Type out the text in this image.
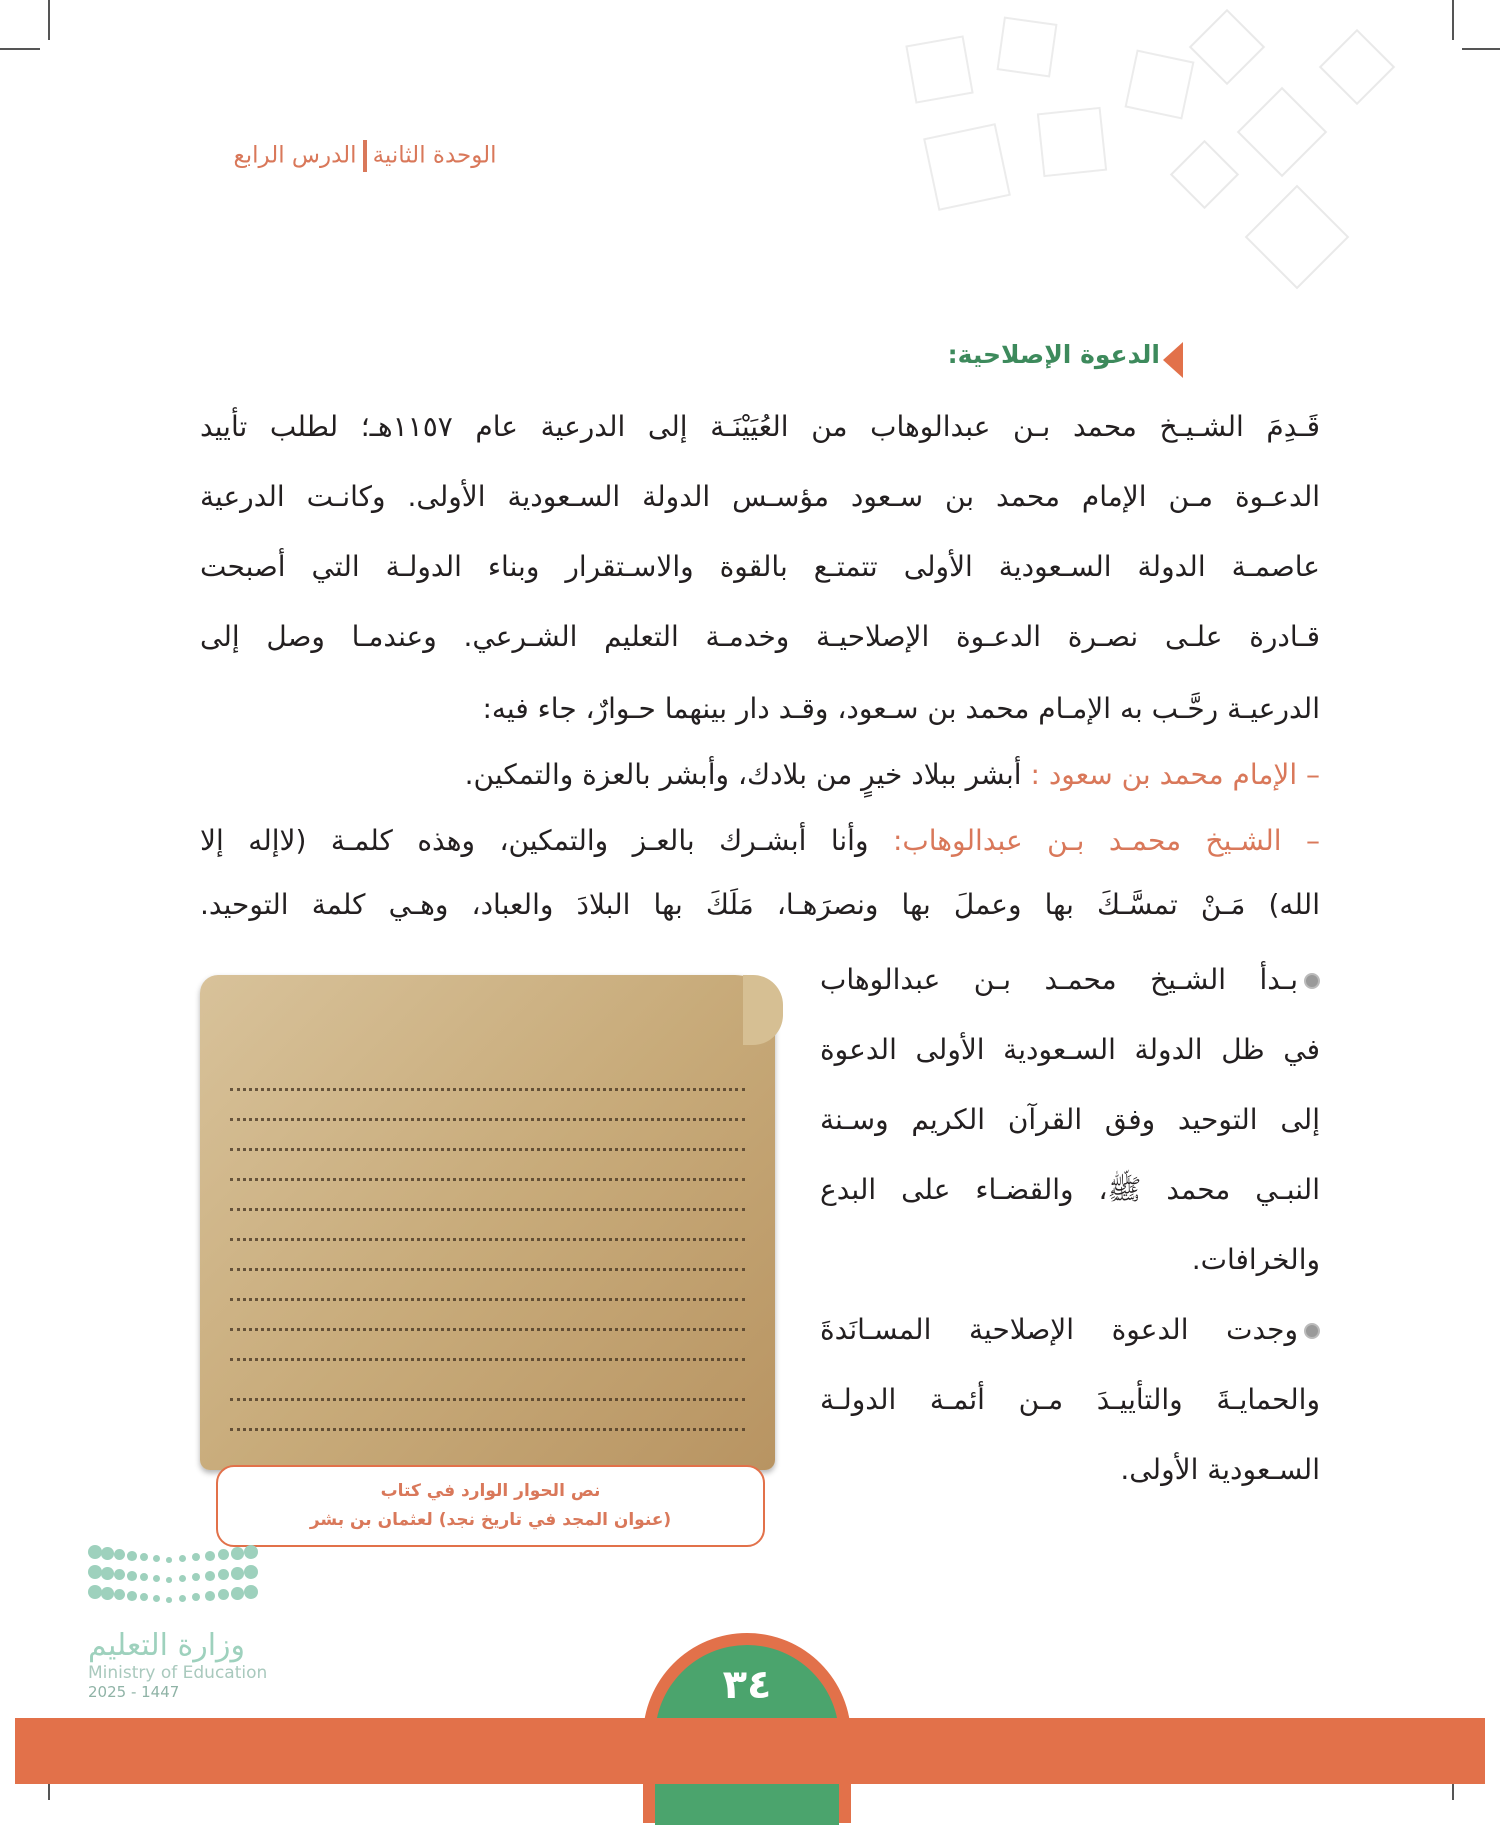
الوحدة الثانيةالدرس الرابع
الدعوة الإصلاحية:
قَـدِمَ الشـيـخ محمد بـن عبدالوهاب من العُيَيْنَـة إلى الدرعية عام ١١٥٧هـ؛ لطلب تأييد
الدعـوة مـن الإمام محمد بن سـعود مؤسـس الدولة السـعودية الأولى. وكانـت الدرعية
عاصمـة الدولة السـعودية الأولى تتمتـع بالقوة والاسـتقرار وبناء الدولـة التي أصبحت
قـادرة علـى نصـرة الدعـوة الإصلاحيـة وخدمـة التعليم الشـرعي. وعندمـا وصل إلى
الدرعيـة رحَّـب به الإمـام محمد بن سـعود، وقـد دار بينهما حـوارٌ، جاء فيه:
– الإمام محمد بن سعود : أبشر ببلاد خيرٍ من بلادك، وأبشر بالعزة والتمكين.
– الشـيخ محمـد بـن عبدالوهاب: وأنا أبشـرك بالعـز والتمكين، وهذه كلمـة (لاإله إلا
الله) مَـنْ تمسَّـكَ بها وعملَ بها ونصرَهـا، مَلَكَ بها البلادَ والعباد، وهـي كلمة التوحيد.
بـدأ الشـيخ محمـد بـن عبدالوهاب
في ظل الدولة السـعودية الأولى الدعوة
إلى التوحيد وفق القرآن الكريم وسـنة
النبـي محمد ﷺ، والقضـاء على البدع
والخرافات.
وجدت الدعوة الإصلاحية المسـانَدةَ
والحمايـةَ والتأييـدَ مـن أئمـة الدولـة
السـعودية الأولى.
نص الحوار الوارد في كتاب
(عنوان المجد في تاريخ نجد) لعثمان بن بشر
وزارة التعليم
Ministry of Education
2025 - 1447	٣٤
